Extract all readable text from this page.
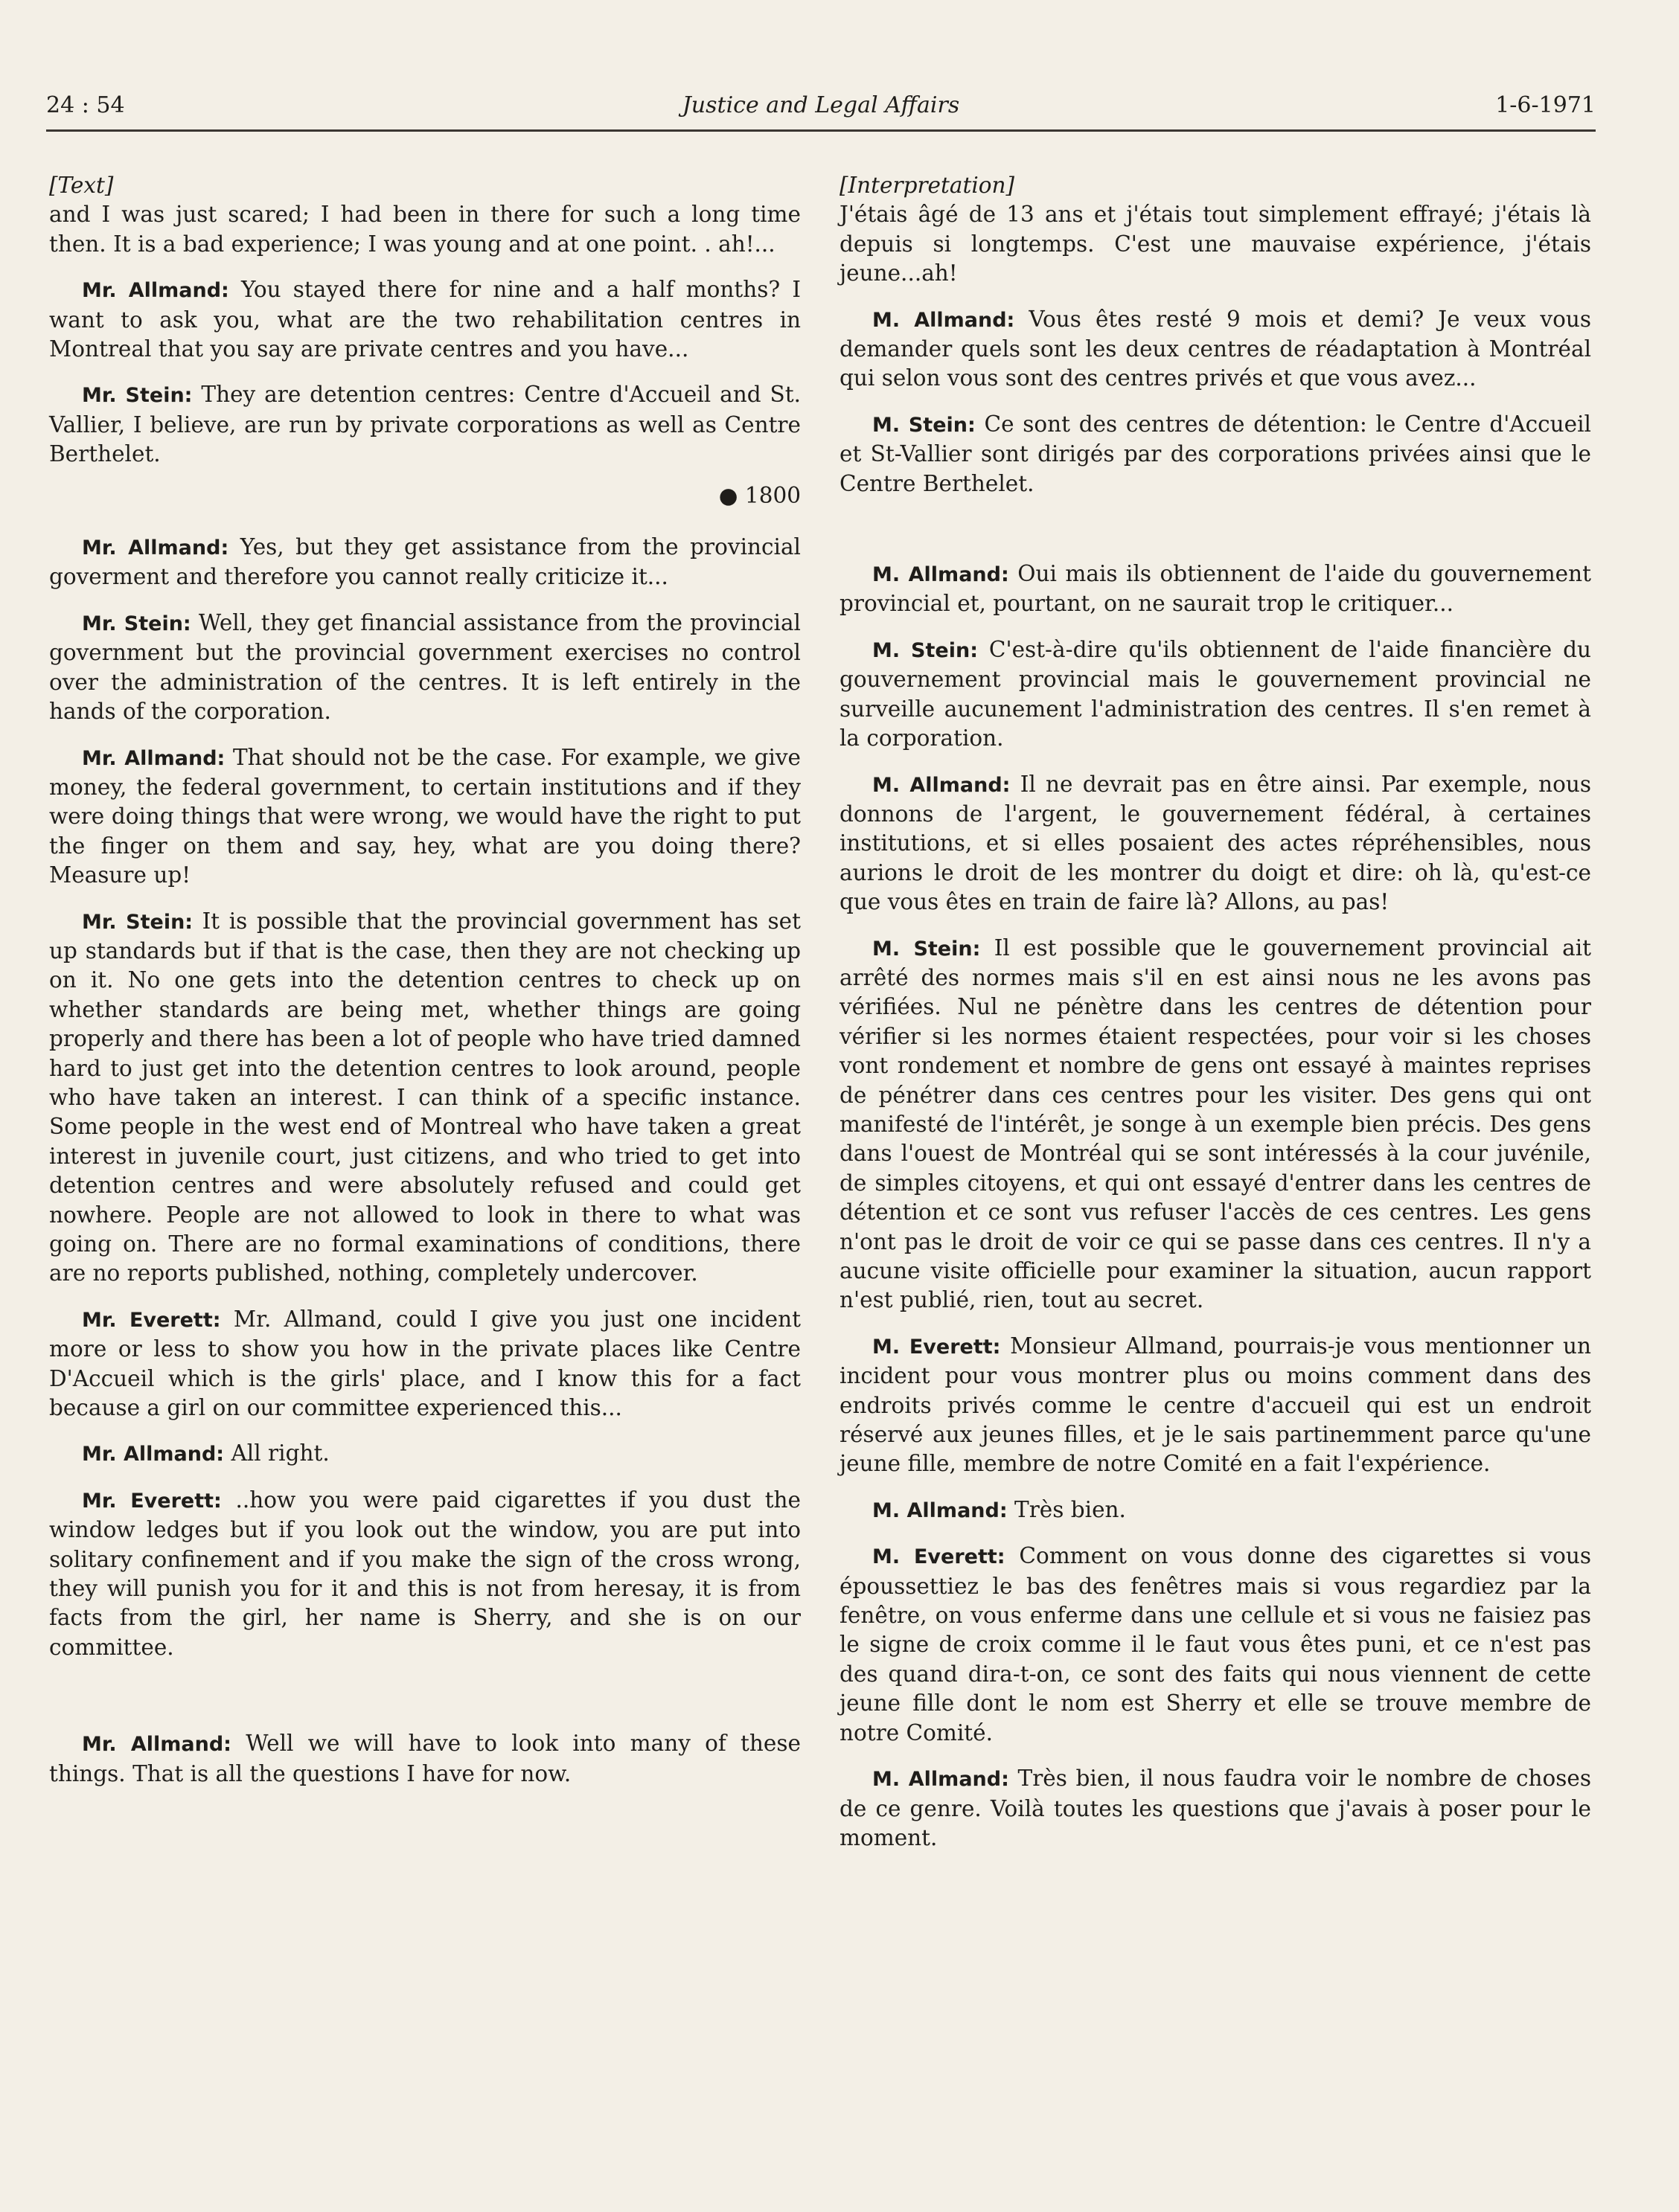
24 : 54	Justice and Legal Affairs	1-6-1971
[Text]

and I was just scared; I had been in there for such a long time then. It is a bad experience; I was young and at one point. . ah!...

Mr. Allmand: You stayed there for nine and a half months? I want to ask you, what are the two rehabilitation centres in Montreal that you say are private centres and you have...

Mr. Stein: They are detention centres: Centre d'Accueil and St. Vallier, I believe, are run by private corporations as well as Centre Berthelet.

● 1800

Mr. Allmand: Yes, but they get assistance from the provincial goverment and therefore you cannot really criticize it...

Mr. Stein: Well, they get financial assistance from the provincial government but the provincial government exercises no control over the administration of the centres. It is left entirely in the hands of the corporation.

Mr. Allmand: That should not be the case. For example, we give money, the federal government, to certain institutions and if they were doing things that were wrong, we would have the right to put the finger on them and say, hey, what are you doing there? Measure up!

Mr. Stein: It is possible that the provincial government has set up standards but if that is the case, then they are not checking up on it. No one gets into the detention centres to check up on whether standards are being met, whether things are going properly and there has been a lot of people who have tried damned hard to just get into the detention centres to look around, people who have taken an interest. I can think of a specific instance. Some people in the west end of Montreal who have taken a great interest in juvenile court, just citizens, and who tried to get into detention centres and were absolutely refused and could get nowhere. People are not allowed to look in there to what was going on. There are no formal examinations of conditions, there are no reports published, nothing, completely undercover.

Mr. Everett: Mr. Allmand, could I give you just one incident more or less to show you how in the private places like Centre D'Accueil which is the girls' place, and I know this for a fact because a girl on our committee experienced this...

Mr. Allmand: All right.

Mr. Everett: ..how you were paid cigarettes if you dust the window ledges but if you look out the window, you are put into solitary confinement and if you make the sign of the cross wrong, they will punish you for it and this is not from heresay, it is from facts from the girl, her name is Sherry, and she is on our committee.

Mr. Allmand: Well we will have to look into many of these things. That is all the questions I have for now.

[Interpretation]

J'étais âgé de 13 ans et j'étais tout simplement effrayé; j'étais là depuis si longtemps. C'est une mauvaise expérience, j'étais jeune...ah!

M. Allmand: Vous êtes resté 9 mois et demi? Je veux vous demander quels sont les deux centres de réadaptation à Montréal qui selon vous sont des centres privés et que vous avez...

M. Stein: Ce sont des centres de détention: le Centre d'Accueil et St-Vallier sont dirigés par des corporations privées ainsi que le Centre Berthelet.

M. Allmand: Oui mais ils obtiennent de l'aide du gouvernement provincial et, pourtant, on ne saurait trop le critiquer...

M. Stein: C'est-à-dire qu'ils obtiennent de l'aide financière du gouvernement provincial mais le gouvernement provincial ne surveille aucunement l'administration des centres. Il s'en remet à la corporation.

M. Allmand: Il ne devrait pas en être ainsi. Par exemple, nous donnons de l'argent, le gouvernement fédéral, à certaines institutions, et si elles posaient des actes répréhensibles, nous aurions le droit de les montrer du doigt et dire: oh là, qu'est-ce que vous êtes en train de faire là? Allons, au pas!

M. Stein: Il est possible que le gouvernement provincial ait arrêté des normes mais s'il en est ainsi nous ne les avons pas vérifiées. Nul ne pénètre dans les centres de détention pour vérifier si les normes étaient respectées, pour voir si les choses vont rondement et nombre de gens ont essayé à maintes reprises de pénétrer dans ces centres pour les visiter. Des gens qui ont manifesté de l'intérêt, je songe à un exemple bien précis. Des gens dans l'ouest de Montréal qui se sont intéressés à la cour juvénile, de simples citoyens, et qui ont essayé d'entrer dans les centres de détention et ce sont vus refuser l'accès de ces centres. Les gens n'ont pas le droit de voir ce qui se passe dans ces centres. Il n'y a aucune visite officielle pour examiner la situation, aucun rapport n'est publié, rien, tout au secret.

M. Everett: Monsieur Allmand, pourrais-je vous mentionner un incident pour vous montrer plus ou moins comment dans des endroits privés comme le centre d'accueil qui est un endroit réservé aux jeunes filles, et je le sais partinemment parce qu'une jeune fille, membre de notre Comité en a fait l'expérience.

M. Allmand: Très bien.

M. Everett: Comment on vous donne des cigarettes si vous époussettiez le bas des fenêtres mais si vous regardiez par la fenêtre, on vous enferme dans une cellule et si vous ne faisiez pas le signe de croix comme il le faut vous êtes puni, et ce n'est pas des quand dira-t-on, ce sont des faits qui nous viennent de cette jeune fille dont le nom est Sherry et elle se trouve membre de notre Comité.

M. Allmand: Très bien, il nous faudra voir le nombre de choses de ce genre. Voilà toutes les questions que j'avais à poser pour le moment.
